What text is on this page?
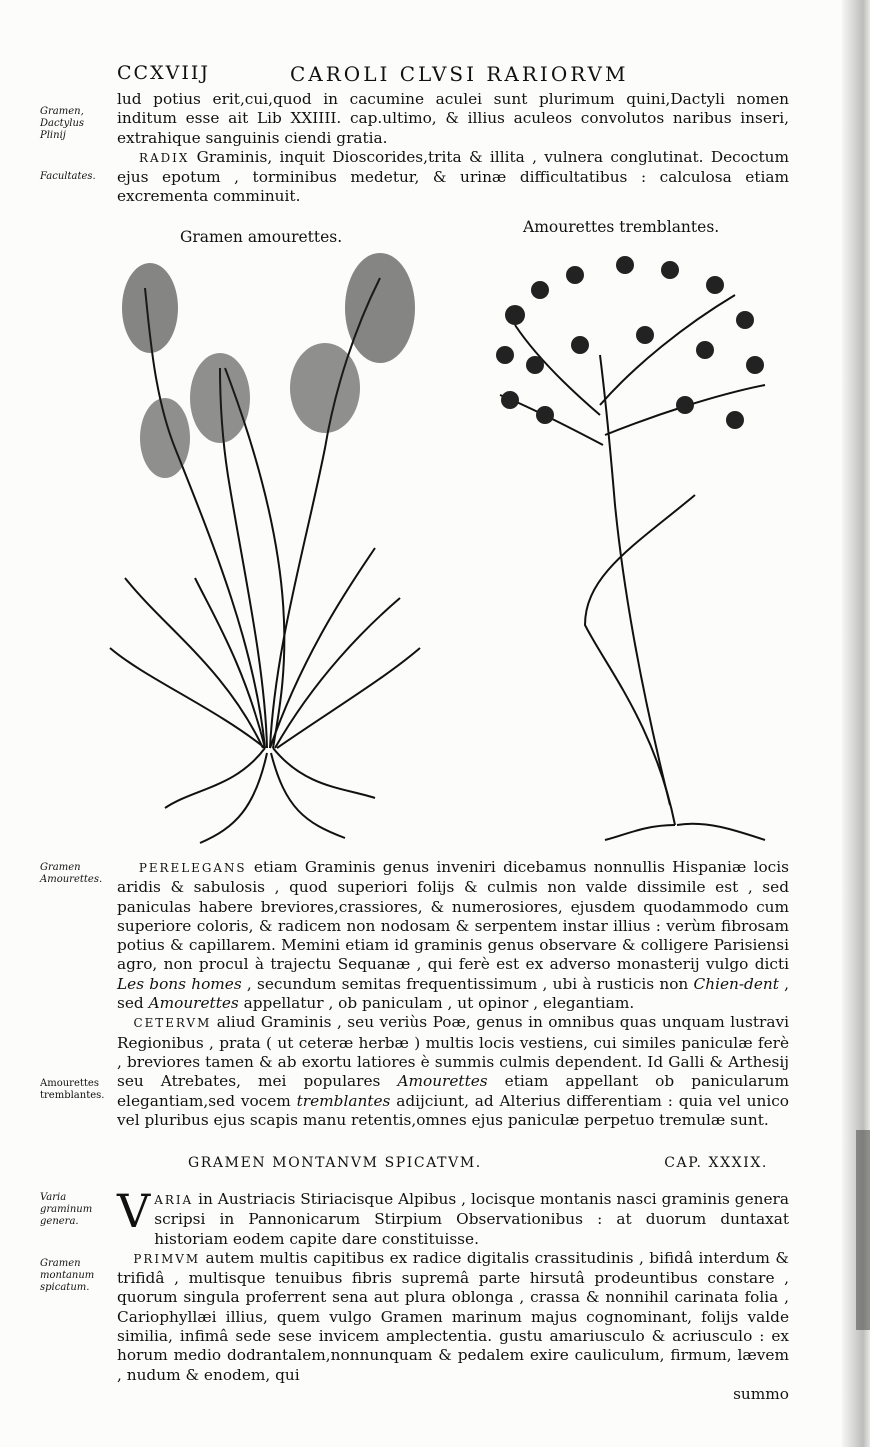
CCXVIIJ	CAROLI CLVSI RARIORVM
Gramen, Dactylus Plinij
Facultates.

lud potius erit,cui,quod in cacumine aculei sunt plurimum quini,Dactyli nomen inditum esse ait Lib XXIIII. cap.ultimo, & illius aculeos convolutos naribus inseri, extrahique sanguinis ciendi gratia.

RADIX Graminis, inquit Dioscorides,trita & illita , vulnera conglutinat. Decoctum ejus epotum , torminibus medetur, & urinæ difficultatibus : calculosa etiam excrementa comminuit.

Gramen amourettes.
Amourettes tremblantes.
Gramen Amourettes.
Amourettes tremblantes.

PERELEGANS etiam Graminis genus inveniri dicebamus nonnullis Hispaniæ locis aridis & sabulosis , quod superiori folijs & culmis non valde dissimile est , sed paniculas habere breviores,crassiores, & numerosiores, ejusdem quodammodo cum superiore coloris, & radicem non nodosam & serpentem instar illius : verùm fibrosam potius & capillarem. Memini etiam id graminis genus observare & colligere Parisiensi agro, non procul à trajectu Sequanæ , qui ferè est ex adverso monasterij vulgo dicti Les bons homes , secundum semitas frequentissimum , ubi à rusticis non Chien-dent , sed Amourettes appellatur , ob paniculam , ut opinor , elegantiam.

CETERVM aliud Graminis , seu veriùs Poæ, genus in omnibus quas unquam lustravi Regionibus , prata ( ut ceteræ herbæ ) multis locis vestiens, cui similes paniculæ ferè , breviores tamen & ab exortu latiores è summis culmis dependent. Id Galli & Arthesij seu Atrebates, mei populares Amourettes etiam appellant ob panicularum elegantiam,sed vocem tremblantes adijciunt, ad Alterius differentiam : quia vel unico vel pluribus ejus scapis manu retentis,omnes ejus paniculæ perpetuo tremulæ sunt.

GRAMEN MONTANVM SPICATVM.	CAP. XXXIX.
Varia graminum genera.
Gramen montanum spicatum.

VARIA in Austriacis Stiriacisque Alpibus , locisque montanis nasci graminis genera scripsi in Pannonicarum Stirpium Observationibus : at duorum duntaxat historiam eodem capite dare constituisse.

PRIMVM autem multis capitibus ex radice digitalis crassitudinis , bifidâ interdum & trifidâ , multisque tenuibus fibris supremâ parte hirsutâ prodeuntibus constare , quorum singula proferrent sena aut plura oblonga , crassa & nonnihil carinata folia , Cariophyllæi illius, quem vulgo Gramen marinum majus cognominant, folijs valde similia, infimâ sede sese invicem amplectentia. gustu amariusculo & acriusculo : ex horum medio dodrantalem,nonnunquam & pedalem exire cauliculum, firmum, lævem , nudum & enodem, qui

summo
